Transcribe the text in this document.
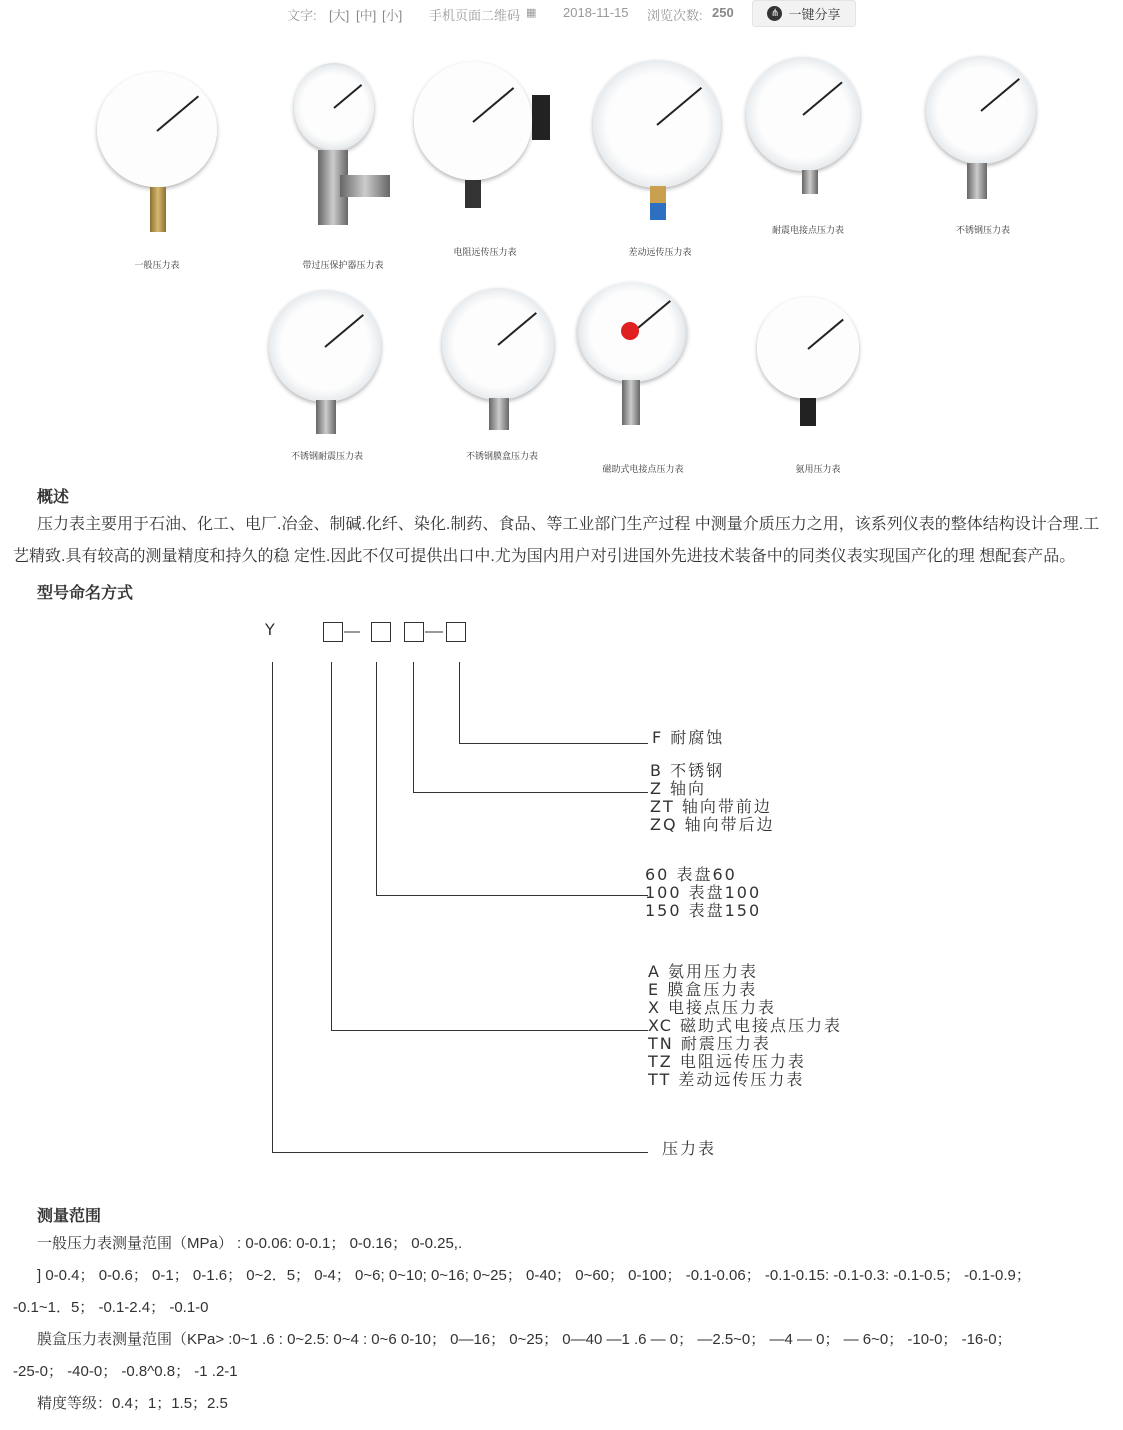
文字: [大] [中] [小] 手机页面二维码 ▦ 2018-11-15 浏览次数: 250	⋔ 一键分享
一般压力表	带过压保护器压力表
电阻远传压力表	差动远传压力表
耐震电接点压力表	不锈钢压力表
不锈钢耐震压力表	不锈钢膜盒压力表
磁助式电接点压力表	氨用压力表
概述
压力表主要用于石油、化工、电厂.冶金、制碱.化纤、染化.制药、食品、等工业部门生产过程 中测量介质压力之用，该系列仪表的整体结构设计合理.工艺精致.具有较高的测量精度和持久的稳 定性.因此不仅可提供出口中.尤为国内用户对引进国外先进技术装备中的同类仪表实现国产化的理 想配套产品。
型号命名方式
Y
F 耐腐蚀
B 不锈钢
Z 轴向
ZT 轴向带前边
ZQ 轴向带后边
60 表盘60
100 表盘100
150 表盘150
A 氨用压力表
E 膜盒压力表
X 电接点压力表
XC 磁助式电接点压力表
TN 耐震压力表
TZ 电阻远传压力表
TT 差动远传压力表
压力表
测量范围
一般压力表测量范围（MPa） : 0-0.06: 0-0.1； 0-0.16； 0-0.25,.
] 0-0.4； 0-0.6； 0-1； 0-1.6； 0~2．5； 0-4； 0~6; 0~10; 0~16; 0~25； 0-40； 0~60； 0-100； -0.1-0.06； -0.1-0.15: -0.1-0.3: -0.1-0.5； -0.1-0.9；
-0.1~1．5； -0.1-2.4； -0.1-0
膜盒压力表测量范围（KPa> :0~1 .6 : 0~2.5: 0~4 : 0~6 0-10； 0—16； 0~25； 0—40 —1 .6 — 0； —2.5~0； —4 — 0； — 6~0； -10-0； -16-0；
-25-0； -40-0； -0.8^0.8； -1 .2-1
精度等级：0.4；1；1.5；2.5
